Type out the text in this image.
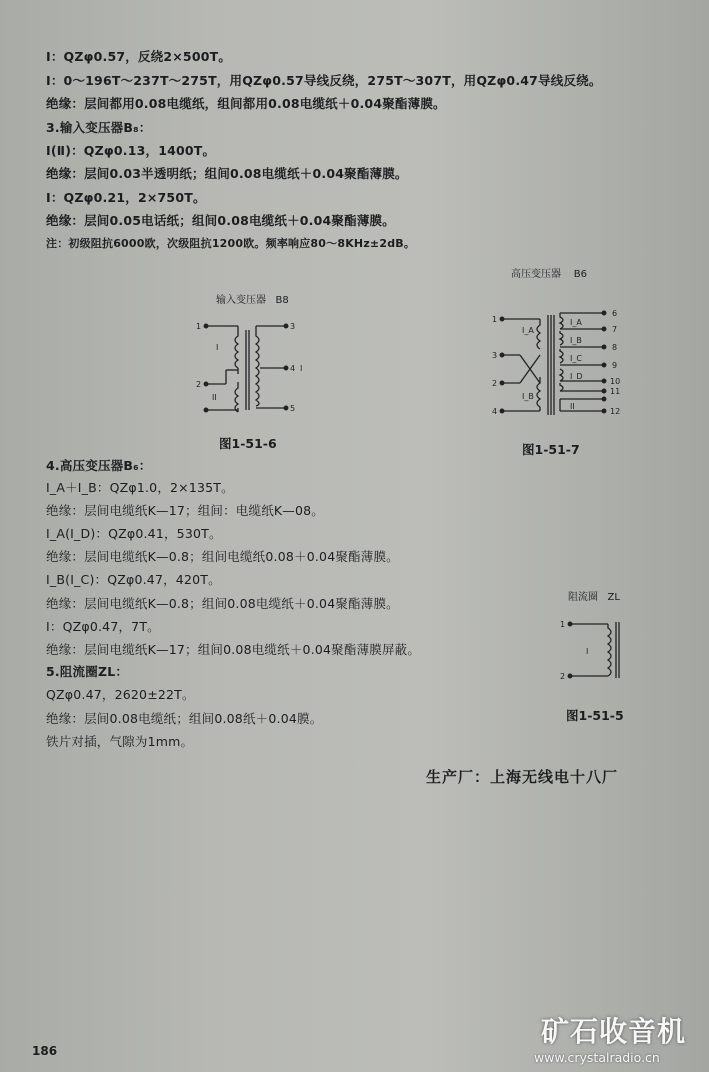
Ⅰ：QZφ0.57，反绕2×500T。
Ⅰ：0～196T～237T～275T，用QZφ0.57导线反绕，275T～307T，用QZφ0.47导线反绕。
绝缘：层间都用0.08电缆纸，组间都用0.08电缆纸＋0.04聚酯薄膜。
3.输入变压器B₈：
Ⅰ(Ⅱ)：QZφ0.13，1400T。
绝缘：层间0.03半透明纸；组间0.08电缆纸＋0.04聚酯薄膜。
Ⅰ：QZφ0.21，2×750T。
绝缘：层间0.05电话纸；组间0.08电缆纸＋0.04聚酯薄膜。
注：初级阻抗6000欧，次级阻抗1200欧。频率响应80～8KHz±2dB。
4.高压变压器B₆：
I_A＋I_B：QZφ1.0，2×135T。
绝缘：层间电缆纸K—17；组间：电缆纸K—08。
Ⅰ_A(Ⅰ_D)：QZφ0.41，530T。
绝缘：层间电缆纸K—0.8；组间电缆纸0.08＋0.04聚酯薄膜。
Ⅰ_B(Ⅰ_C)：QZφ0.47，420T。
绝缘：层间电缆纸K—0.8；组间0.08电缆纸＋0.04聚酯薄膜。
Ⅰ：QZφ0.47，7T。
绝缘：层间电缆纸K—17；组间0.08电缆纸＋0.04聚酯薄膜屏蔽。
5.阻流圈ZL：
QZφ0.47，2620±22T。
绝缘：层间0.08电缆纸；组间0.08纸＋0.04膜。
铁片对插，气隙为1mm。
输入变压器 B8
1
2
3
4
5
I
II
I
图1-51-6
高压变压器 B6
1
3
2
4
6
7
8
9
10
11
12
I_A
I_B
I_A
I_B
I_C
I_D
II
图1-51-7
阻流圈 ZL
1
2
I
图1-51-5
生产厂：上海无线电十八厂
186
矿石收音机
www.crystalradio.cn
